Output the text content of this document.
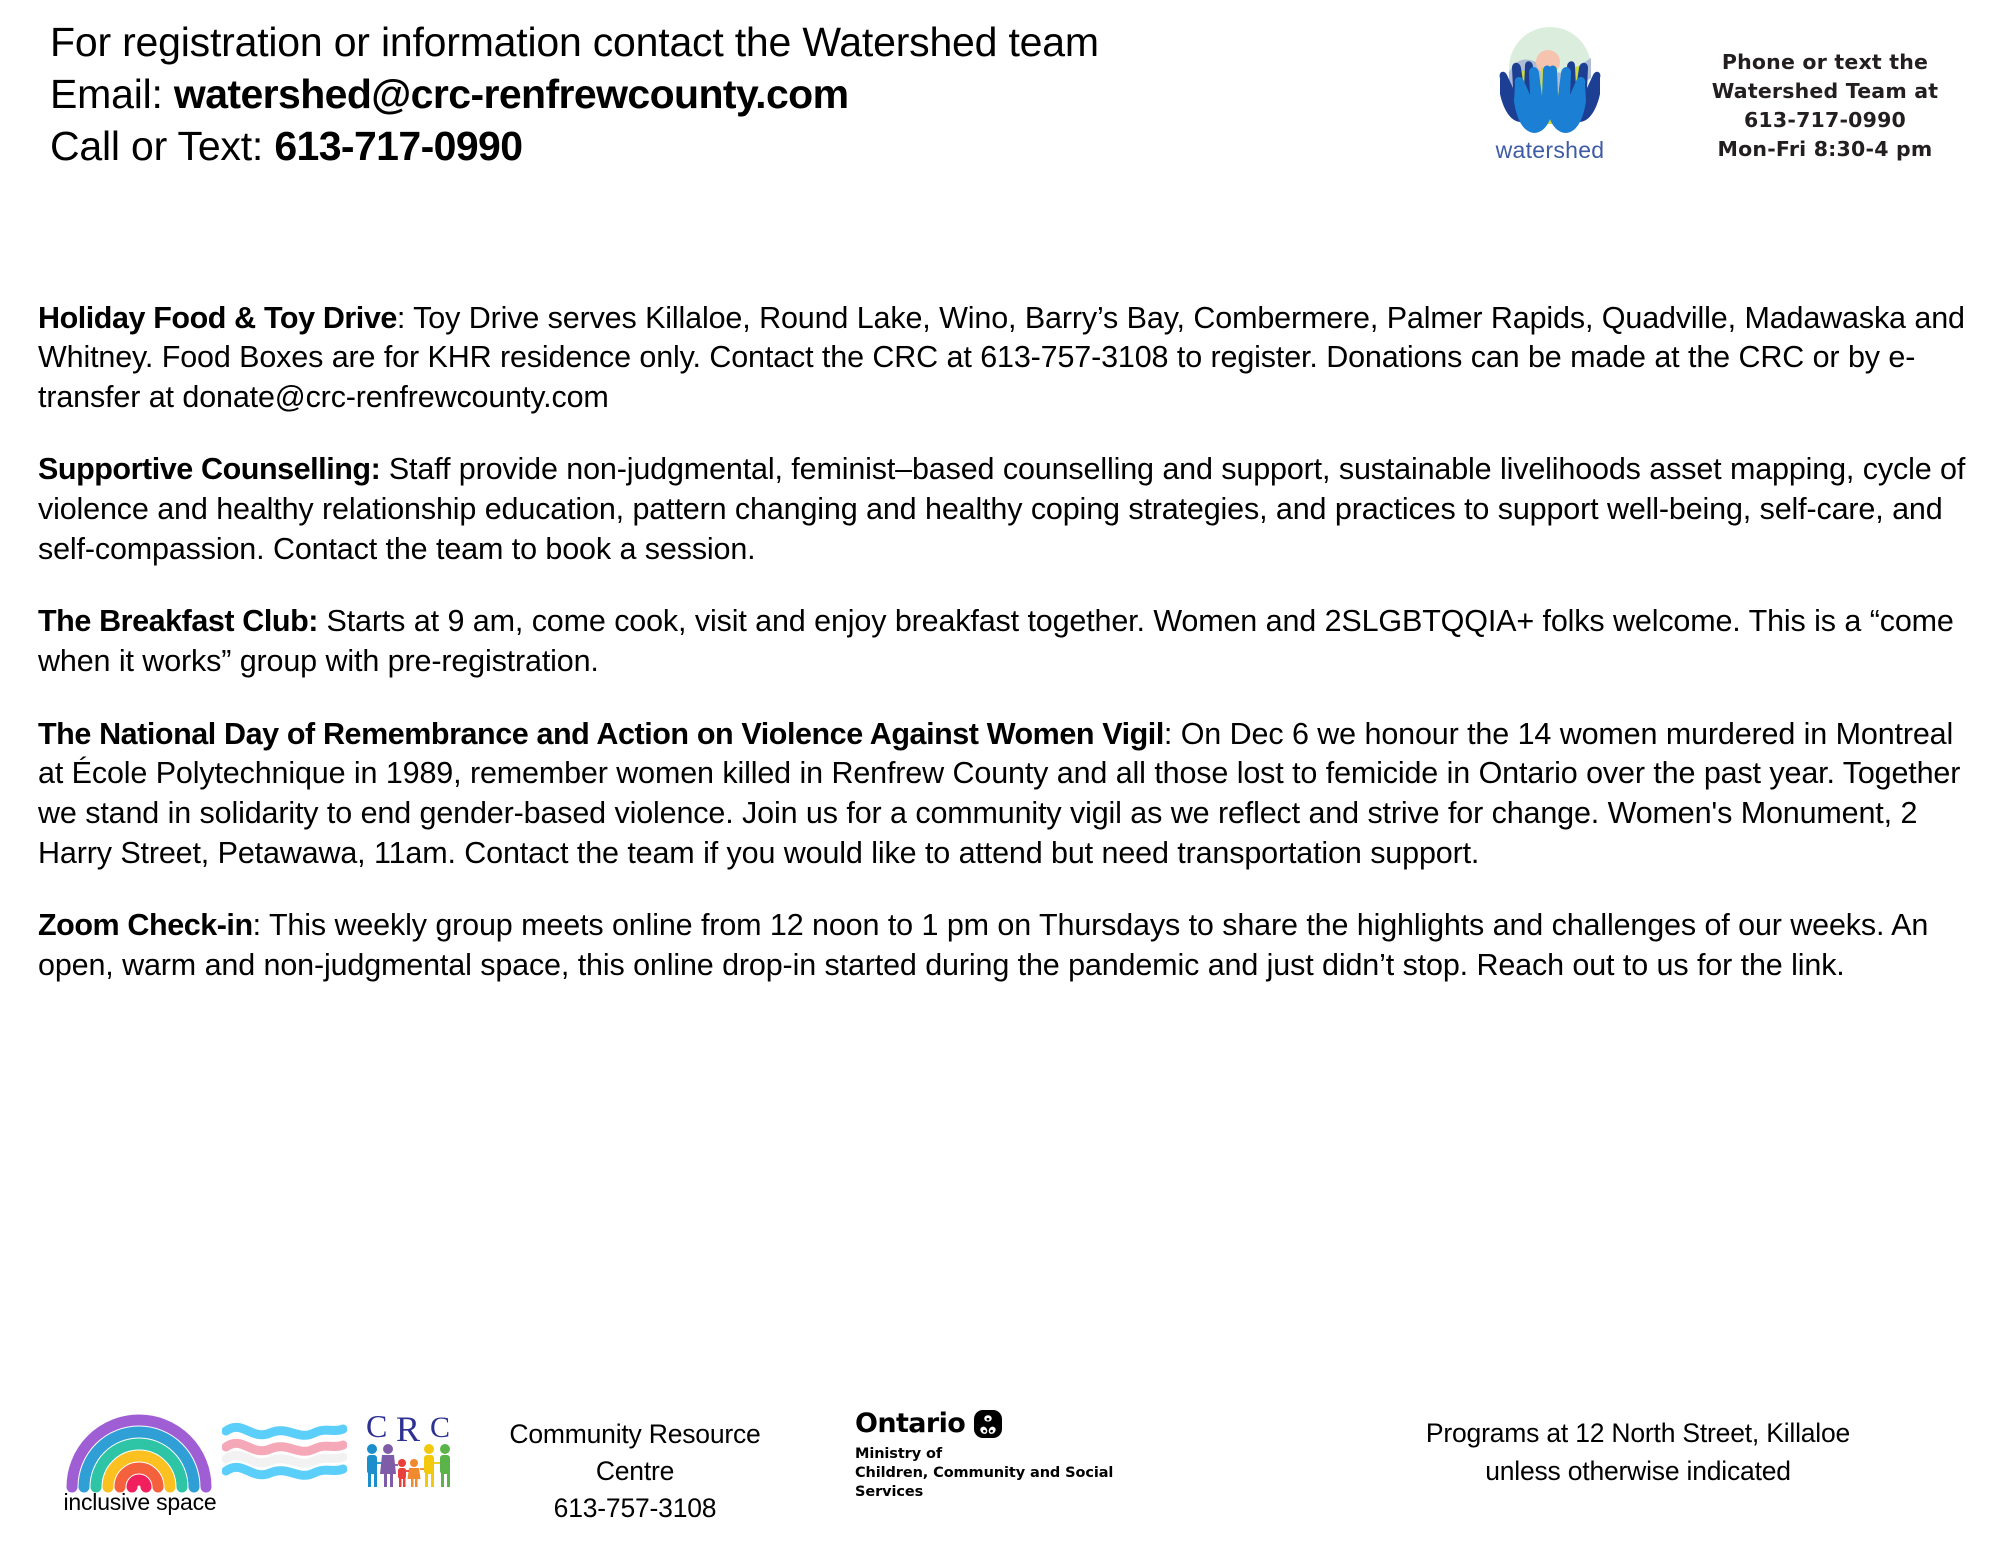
For registration or information contact the Watershed team
Email: watershed@crc-renfrewcounty.com
Call or Text: 613-717-0990	watershed
Phone or text the
Watershed Team at
613-717-0990
Mon-Fri 8:30-4 pm

Holiday Food & Toy Drive: Toy Drive serves Killaloe, Round Lake, Wino, Barry’s Bay, Combermere, Palmer Rapids, Quadville, Madawaska and Whitney. Food Boxes are for KHR residence only. Contact the CRC at 613-757-3108 to register. Donations can be made at the CRC or by e-transfer at donate@crc-renfrewcounty.com

Supportive Counselling: Staff provide non-judgmental, feminist–based counselling and support, sustainable livelihoods asset mapping, cycle of violence and healthy relationship education, pattern changing and healthy coping strategies, and practices to support well-being, self-care, and self-compassion. Contact the team to book a session.

The Breakfast Club: Starts at 9 am, come cook, visit and enjoy breakfast together. Women and 2SLGBTQQIA+ folks welcome. This is a “come when it works” group with pre-registration.

The National Day of Remembrance and Action on Violence Against Women Vigil: On Dec 6 we honour the 14 women murdered in Montreal at École Polytechnique in 1989, remember women killed in Renfrew County and all those lost to femicide in Ontario over the past year. Together we stand in solidarity to end gender-based violence. Join us for a community vigil as we reflect and strive for change. Women's Monument, 2 Harry Street, Petawawa, 11am. Contact the team if you would like to attend but need transportation support.

Zoom Check-in: This weekly group meets online from 12 noon to 1 pm on Thursdays to share the highlights and challenges of our weeks. An open, warm and non-judgmental space, this online drop-in started during the pandemic and just didn’t stop. Reach out to us for the link.

inclusive space
C R C	Community Resource Centre
613-757-3108
Ontario
Ministry of
Children, Community and Social Services
Programs at 12 North Street, Killaloe
unless otherwise indicated
